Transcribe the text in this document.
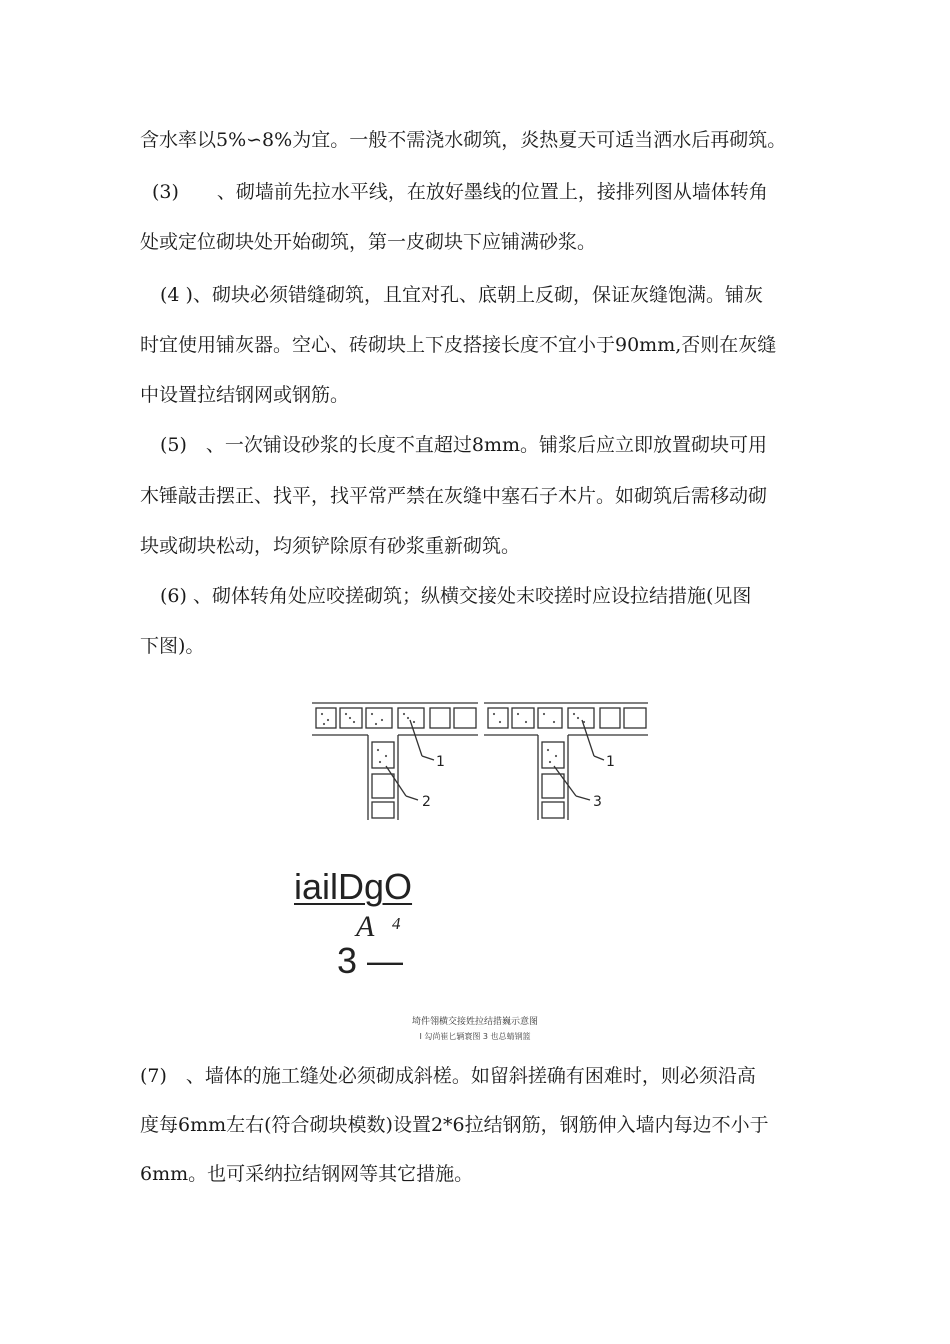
含水率以5%∽8%为宜。一般不需浇水砌筑，炎热夏天可适当洒水后再砌筑。
(3)　　、砌墙前先拉水平线，在放好墨线的位置上，接排列图从墙体转角
处或定位砌块处开始砌筑，第一皮砌块下应铺满砂浆。
(4 )、砌块必须错缝砌筑，且宜对孔、底朝上反砌，保证灰缝饱满。铺灰
时宜使用铺灰器。空心、砖砌块上下皮搭接长度不宜小于90mm,否则在灰缝
中设置拉结钢网或钢筋。
(5)　、一次铺设砂浆的长度不直超过8mm。铺浆后应立即放置砌块可用
木锤敲击摆正、找平，找平常严禁在灰缝中塞石子木片。如砌筑后需移动砌
块或砌块松动，均须铲除原有砂浆重新砌筑。
(6) 、砌体转角处应咬搓砌筑；纵横交接处末咬搓时应设拉结措施(见图
下图)。
1
2
1
3
iailDgO
A 4
3 —
埼件翎横交接姓拉结措巍示意图
I 勾尚崔匕辆寰图 3 也总蜻钢篮
(7)　、墙体的施工缝处必须砌成斜槎。如留斜搓确有困难时，则必须沿高
度每6mm左右(符合砌块模数)设置2*6拉结钢筋，钢筋伸入墙内每边不小于
6mm。也可采纳拉结钢网等其它措施。
